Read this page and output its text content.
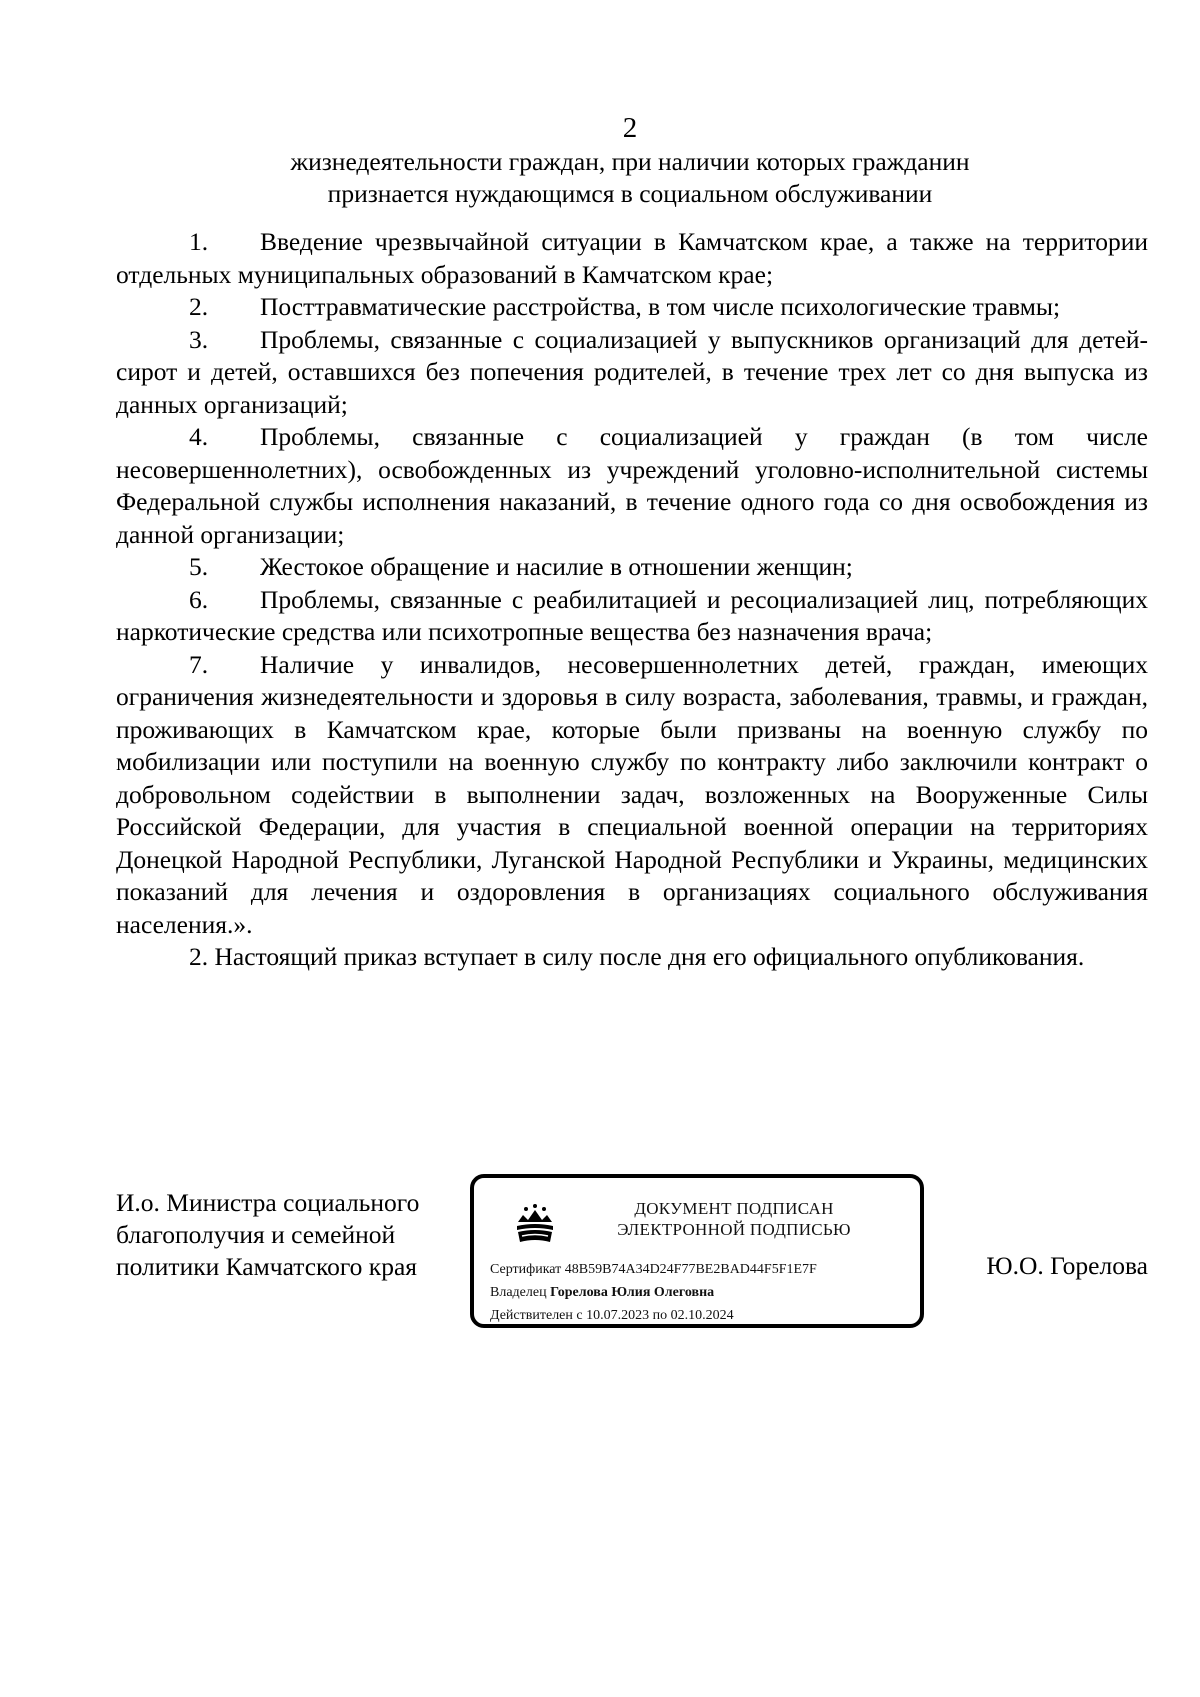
2
жизнедеятельности граждан, при наличии которых гражданин
признается нуждающимся в социальном обслуживании

1. Введение чрезвычайной ситуации в Камчатском крае, а также на территории отдельных муниципальных образований в Камчатском крае;

2. Посттравматические расстройства, в том числе психологические травмы;

3. Проблемы, связанные с социализацией у выпускников организаций для детей-сирот и детей, оставшихся без попечения родителей, в течение трех лет со дня выпуска из данных организаций;

4. Проблемы, связанные с социализацией у граждан (в том числе несовершеннолетних), освобожденных из учреждений уголовно-исполнительной системы Федеральной службы исполнения наказаний, в течение одного года со дня освобождения из данной организации;

5. Жестокое обращение и насилие в отношении женщин;

6. Проблемы, связанные с реабилитацией и ресоциализацией лиц, потребляющих наркотические средства или психотропные вещества без назначения врача;

7. Наличие у инвалидов, несовершеннолетних детей, граждан, имеющих ограничения жизнедеятельности и здоровья в силу возраста, заболевания, травмы, и граждан, проживающих в Камчатском крае, которые были призваны на военную службу по мобилизации или поступили на военную службу по контракту либо заключили контракт о добровольном содействии в выполнении задач, возложенных на Вооруженные Силы Российской Федерации, для участия в специальной военной операции на территориях Донецкой Народной Республики, Луганской Народной Республики и Украины, медицинских показаний для лечения и оздоровления в организациях социального обслуживания населения.».

2. Настоящий приказ вступает в силу после дня его официального опубликования.

И.о. Министра социального
благополучия и семейной
политики Камчатского края
ДОКУМЕНТ ПОДПИСАН
ЭЛЕКТРОННОЙ ПОДПИСЬЮ
Сертификат 48B59B74A34D24F77BE2BAD44F5F1E7F
Владелец Горелова Юлия Олеговна
Действителен с 10.07.2023 по 02.10.2024
Ю.О. Горелова
